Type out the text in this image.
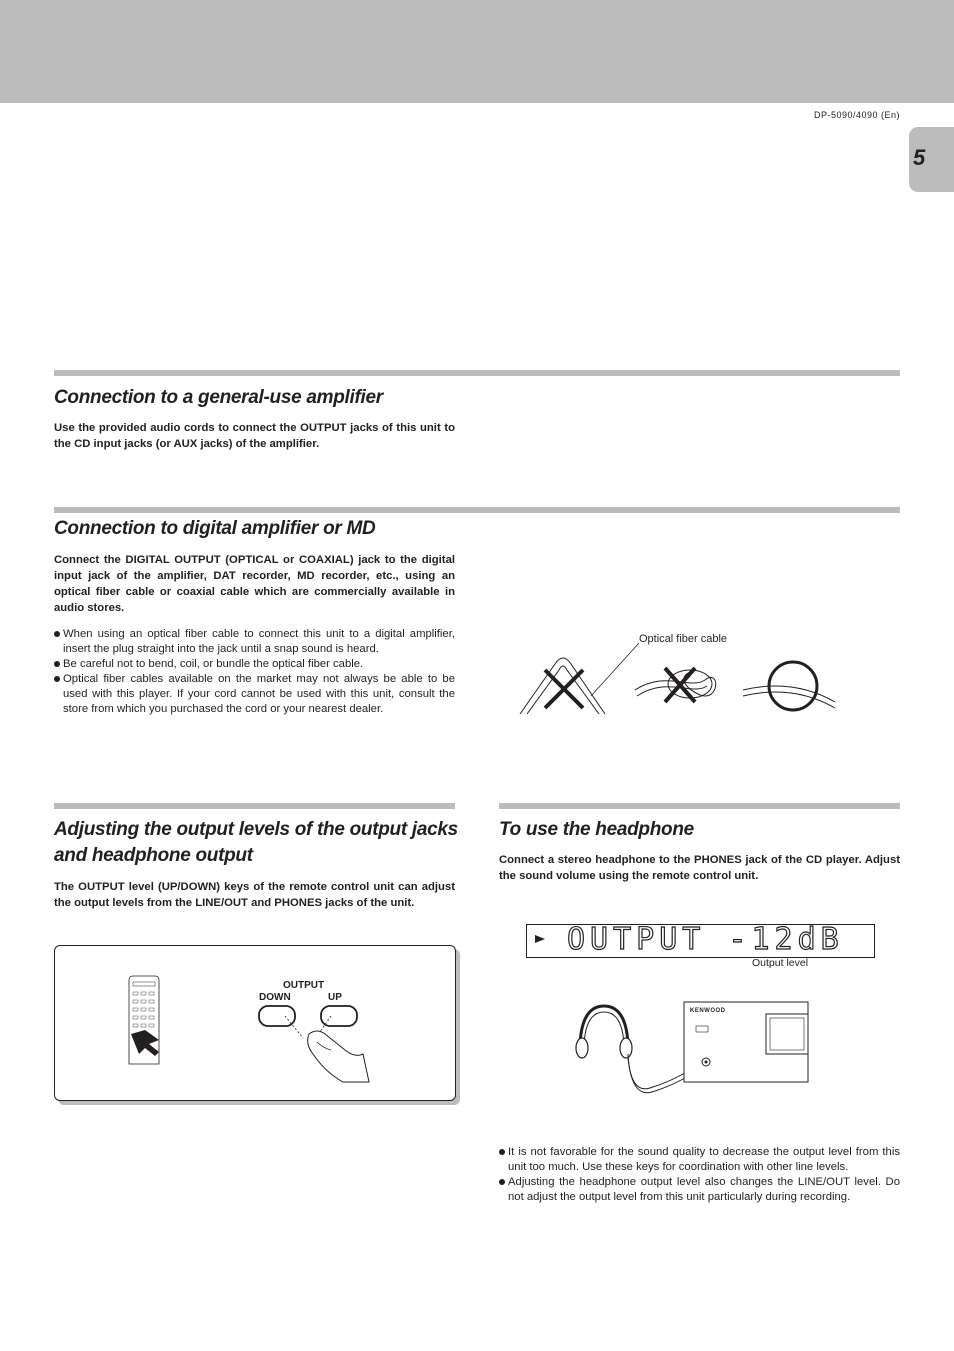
DP-5090/4090 (En)
5
Connection to a general-use amplifier

Use the provided audio cords to connect the OUTPUT jacks of this unit to the CD input jacks (or AUX jacks) of the amplifier.

Connection to digital amplifier or MD

Connect the DIGITAL OUTPUT (OPTICAL or COAXIAL) jack to the digital input jack of the amplifier, DAT recorder, MD recorder, etc., using an optical fiber cable or coaxial cable which are commercially available in audio stores.

When using an optical fiber cable to connect this unit to a digital amplifier, insert the plug straight into the jack until a snap sound is heard.
Be careful not to bend, coil, or bundle the optical fiber cable.
Optical fiber cables available on the market may not always be able to be used with this player. If your cord cannot be used with this unit, consult the store from which you purchased the cord or your nearest dealer.
Optical fiber cable
Adjusting the output levels of the output jacks
and headphone output

The OUTPUT level (UP/DOWN) keys of the remote control unit can adjust the output levels from the LINE/OUT and PHONES jacks of the unit.

OUTPUT
DOWN	UP
To use the headphone

Connect a stereo headphone to the PHONES jack of the CD player. Adjust the sound volume using the remote control unit.

OUTPUT -12dB
Output level
KENWOOD
It is not favorable for the sound quality to decrease the output level from this unit too much. Use these keys for coordination with other line levels.
Adjusting the headphone output level also changes the LINE/OUT level. Do not adjust the output level from this unit particularly during recording.
